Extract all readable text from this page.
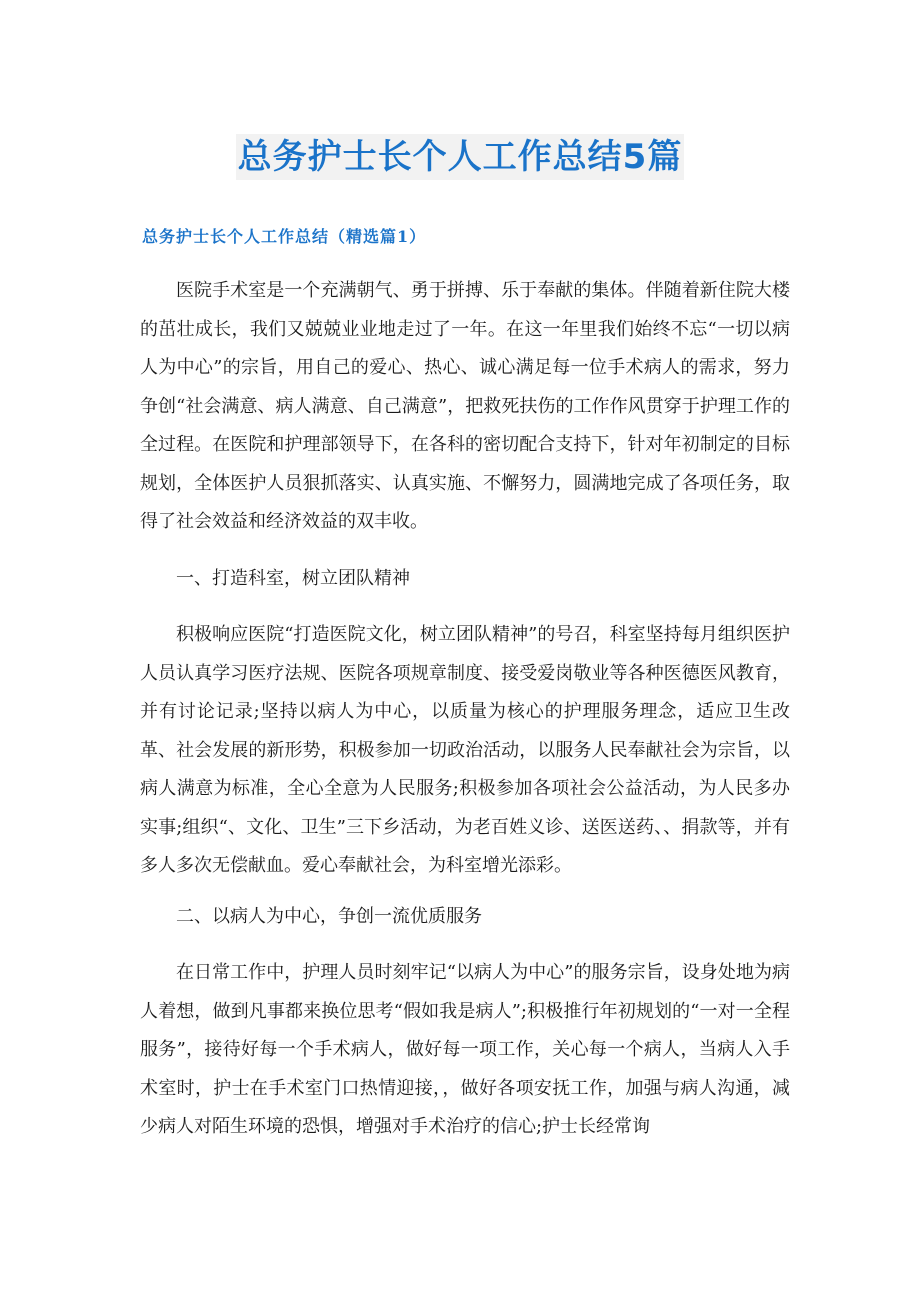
总务护士长个人工作总结5篇
总务护士长个人工作总结（精选篇1）

医院手术室是一个充满朝气、勇于拼搏、乐于奉献的集体。伴随着新住院大楼的茁壮成长，我们又兢兢业业地走过了一年。在这一年里我们始终不忘“一切以病人为中心”的宗旨，用自己的爱心、热心、诚心满足每一位手术病人的需求，努力争创“社会满意、病人满意、自己满意”，把救死扶伤的工作作风贯穿于护理工作的全过程。在医院和护理部领导下，在各科的密切配合支持下，针对年初制定的目标规划，全体医护人员狠抓落实、认真实施、不懈努力，圆满地完成了各项任务，取得了社会效益和经济效益的双丰收。

一、打造科室，树立团队精神

积极响应医院“打造医院文化，树立团队精神”的号召，科室坚持每月组织医护人员认真学习医疗法规、医院各项规章制度、接受爱岗敬业等各种医德医风教育，并有讨论记录;坚持以病人为中心，以质量为核心的护理服务理念，适应卫生改革、社会发展的新形势，积极参加一切政治活动，以服务人民奉献社会为宗旨，以病人满意为标准，全心全意为人民服务;积极参加各项社会公益活动，为人民多办实事;组织“、文化、卫生”三下乡活动，为老百姓义诊、送医送药、、捐款等，并有多人多次无偿献血。爱心奉献社会，为科室增光添彩。

二、以病人为中心，争创一流优质服务

在日常工作中，护理人员时刻牢记“以病人为中心”的服务宗旨，设身处地为病人着想，做到凡事都来换位思考“假如我是病人”;积极推行年初规划的“一对一全程服务”，接待好每一个手术病人，做好每一项工作，关心每一个病人，当病人入手术室时，护士在手术室门口热情迎接，，做好各项安抚工作，加强与病人沟通，减少病人对陌生环境的恐惧，增强对手术治疗的信心;护士长经常询
